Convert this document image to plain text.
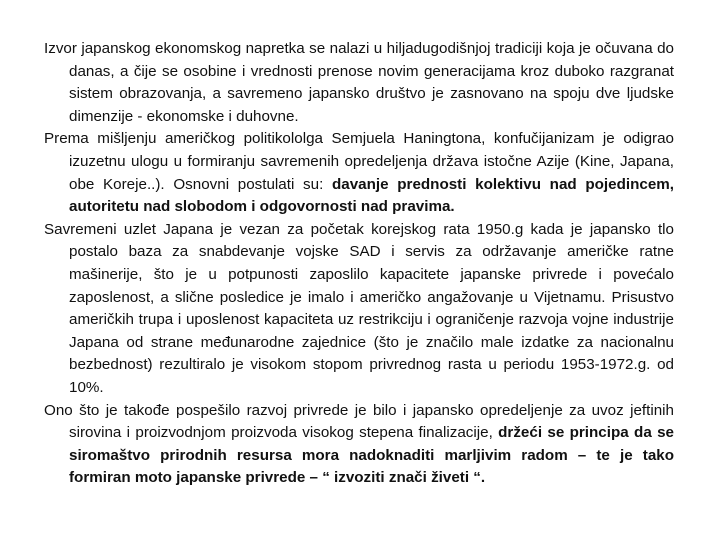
Izvor japanskog ekonomskog napretka se nalazi u hiljadugodišnjoj tradiciji koja je očuvana do danas, a čije se osobine i vrednosti prenose novim generacijama kroz duboko razgranat sistem obrazovanja, a savremeno japansko društvo je zasnovano na spoju dve ljudske dimenzije - ekonomske i duhovne.

Prema mišljenju američkog politikololga Semjuela Haningtona, konfučijanizam je odigrao izuzetnu ulogu u formiranju savremenih opredeljenja država istočne Azije (Kine, Japana, obe Koreje..). Osnovni postulati su: davanje prednosti kolektivu nad pojedincem, autoritetu nad slobodom i odgovornosti nad pravima.

Savremeni uzlet Japana je vezan za početak korejskog rata 1950.g kada je japansko tlo postalo baza za snabdevanje vojske SAD i servis za održavanje američke ratne mašinerije, što je u potpunosti zaposlilo kapacitete japanske privrede i povećalo zaposlenost, a slične posledice je imalo i američko angažovanje u Vijetnamu. Prisustvo američkih trupa i uposlenost kapaciteta uz restrikciju i ograničenje razvoja vojne industrije Japana od strane međunarodne zajednice (što je značilo male izdatke za nacionalnu bezbednost) rezultiralo je visokom stopom privrednog rasta u periodu 1953-1972.g. od 10%.

Ono što je takođe pospešilo razvoj privrede je bilo i japansko opredeljenje za uvoz jeftinih sirovina i proizvodnjom proizvoda visokog stepena finalizacije, držeći se principa da se siromaštvo prirodnih resursa mora nadoknaditi marljivim radom – te je tako formiran moto japanske privrede – “ izvoziti znači živeti “.
